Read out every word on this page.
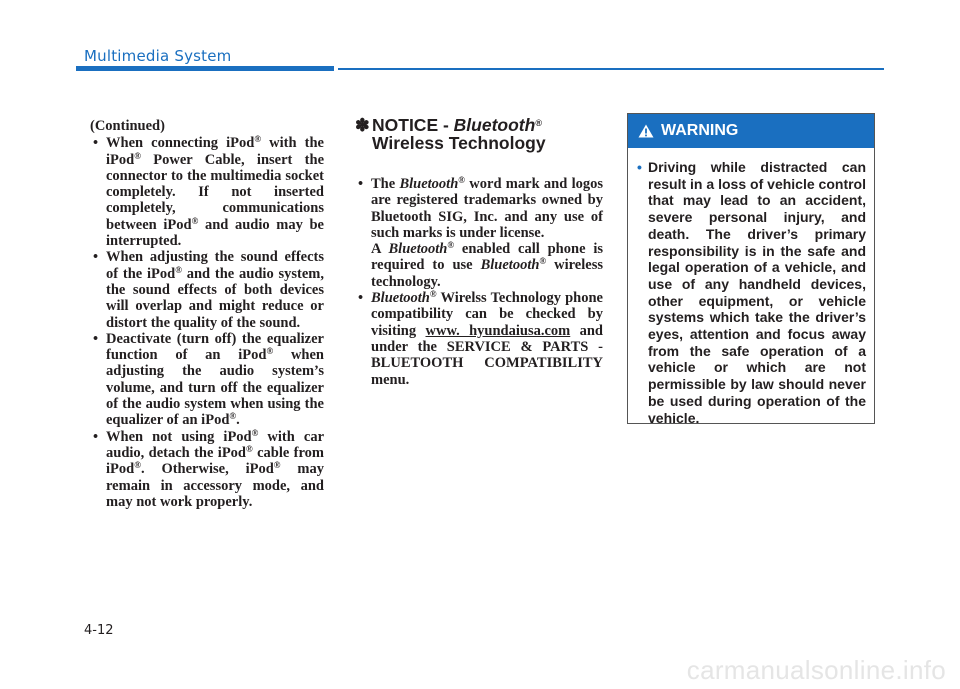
Multimedia System

(Continued)

• When connecting iPod® with the iPod® Power Cable, insert the connector to the multimedia socket completely. If not inserted completely, communications between iPod® and audio may be interrupted.

• When adjusting the sound effects of the iPod® and the audio system, the sound effects of both devices will overlap and might reduce or distort the quality of the sound.

• Deactivate (turn off) the equalizer function of an iPod® when adjusting the audio system’s volume, and turn off the equalizer of the audio system when using the equalizer of an iPod®.

• When not using iPod® with car audio, detach the iPod® cable from iPod®. Otherwise, iPod® may remain in accessory mode, and may not work properly.

✽ NOTICE - Bluetooth®
Wireless Technology

• The Bluetooth® word mark and logos are registered trademarks owned by Bluetooth SIG, Inc. and any use of such marks is under license.
A Bluetooth® enabled call phone is required to use Bluetooth® wireless technology.

• Bluetooth® Wirelss Technology phone compatibility can be checked by visiting www. hyundaiusa.com and under the SERVICE & PARTS - BLUETOOTH COMPATIBILITY menu.

WARNING
• Driving while distracted can result in a loss of vehicle control that may lead to an accident, severe personal injury, and death. The driver’s primary responsibility is in the safe and legal operation of a vehicle, and use of any handheld devices, other equipment, or vehicle systems which take the driver’s eyes, attention and focus away from the safe operation of a vehicle or which are not permissible by law should never be used during operation of the vehicle.
4-12
carmanualsonline.info
